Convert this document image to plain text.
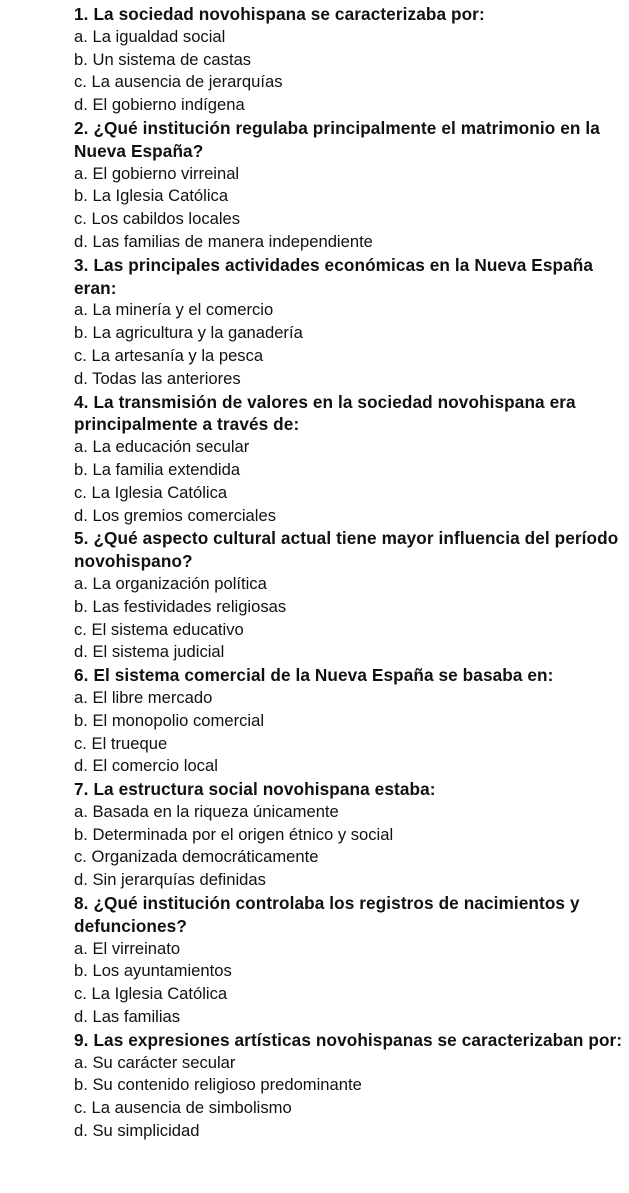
1. La sociedad novohispana se caracterizaba por:

a. La igualdad social

b. Un sistema de castas

c. La ausencia de jerarquías

d. El gobierno indígena

2. ¿Qué institución regulaba principalmente el matrimonio en la Nueva España?

a. El gobierno virreinal

b. La Iglesia Católica

c. Los cabildos locales

d. Las familias de manera independiente

3. Las principales actividades económicas en la Nueva España eran:

a. La minería y el comercio

b. La agricultura y la ganadería

c. La artesanía y la pesca

d. Todas las anteriores

4. La transmisión de valores en la sociedad novohispana era principalmente a través de:

a. La educación secular

b. La familia extendida

c. La Iglesia Católica

d. Los gremios comerciales

5. ¿Qué aspecto cultural actual tiene mayor influencia del período novohispano?

a. La organización política

b. Las festividades religiosas

c. El sistema educativo

d. El sistema judicial

6. El sistema comercial de la Nueva España se basaba en:

a. El libre mercado

b. El monopolio comercial

c. El trueque

d. El comercio local

7. La estructura social novohispana estaba:

a. Basada en la riqueza únicamente

b. Determinada por el origen étnico y social

c. Organizada democráticamente

d. Sin jerarquías definidas

8. ¿Qué institución controlaba los registros de nacimientos y defunciones?

a. El virreinato

b. Los ayuntamientos

c. La Iglesia Católica

d. Las familias

9. Las expresiones artísticas novohispanas se caracterizaban por:

a. Su carácter secular

b. Su contenido religioso predominante

c. La ausencia de simbolismo

d. Su simplicidad
